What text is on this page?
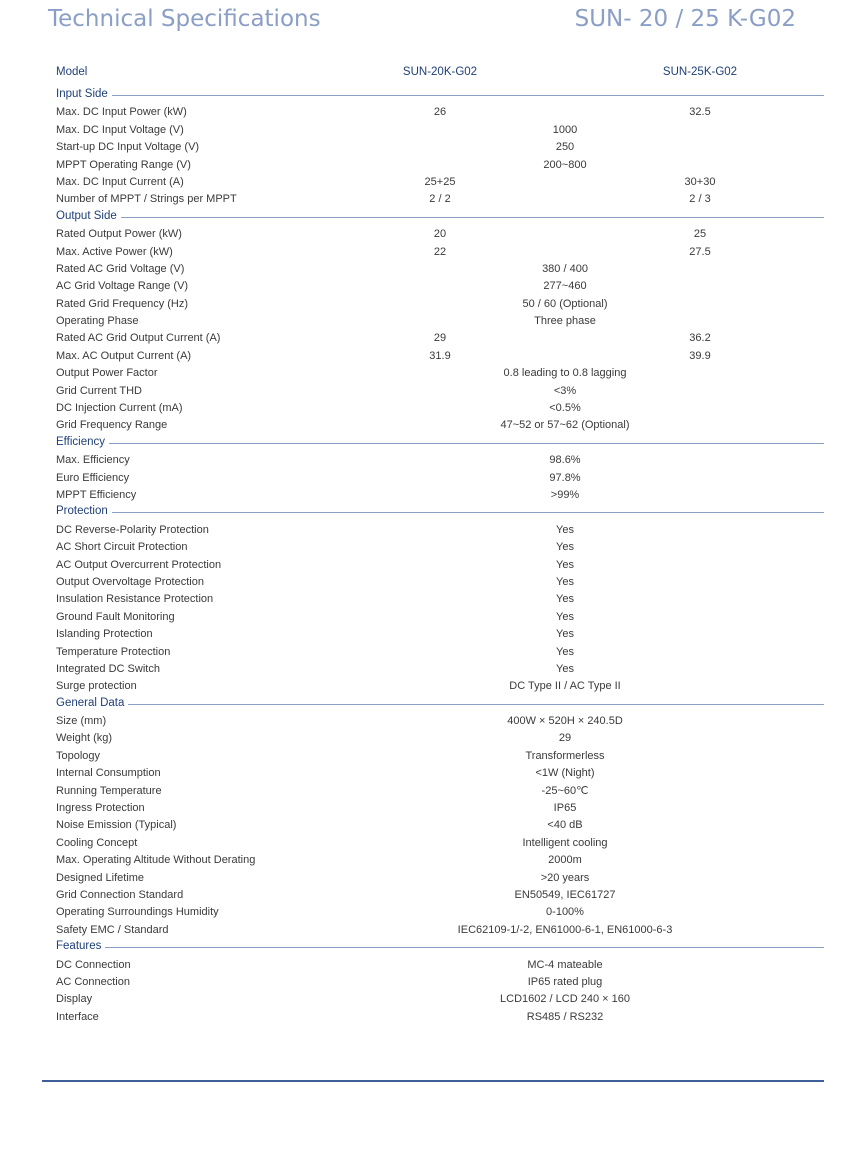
Technical Specifications	SUN- 20 / 25 K-G02
Model	SUN-20K-G02	SUN-25K-G02
Input Side
Max. DC Input Power (kW)	26	32.5
Max. DC Input Voltage (V)	1000
Start-up DC Input Voltage (V)	250
MPPT Operating Range (V)	200~800
Max. DC Input Current (A)	25+25	30+30
Number of MPPT / Strings per MPPT	2 / 2	2 / 3
Output Side
Rated Output Power (kW)	20	25
Max. Active Power (kW)	22	27.5
Rated AC Grid Voltage (V)	380 / 400
AC Grid Voltage Range (V)	277~460
Rated Grid Frequency (Hz)	50 / 60 (Optional)
Operating Phase	Three phase
Rated AC Grid Output Current (A)	29	36.2
Max. AC Output Current (A)	31.9	39.9
Output Power Factor	0.8 leading to 0.8 lagging
Grid Current THD	<3%
DC Injection Current (mA)	<0.5%
Grid Frequency Range	47~52 or 57~62 (Optional)
Efficiency
Max. Efficiency	98.6%
Euro Efficiency	97.8%
MPPT Efficiency	>99%
Protection
DC Reverse-Polarity Protection	Yes
AC Short Circuit Protection	Yes
AC Output Overcurrent Protection	Yes
Output Overvoltage Protection	Yes
Insulation Resistance Protection	Yes
Ground Fault Monitoring	Yes
Islanding Protection	Yes
Temperature Protection	Yes
Integrated DC Switch	Yes
Surge protection	DC Type II / AC Type II
General Data
Size (mm)	400W × 520H × 240.5D
Weight (kg)	29
Topology	Transformerless
Internal Consumption	<1W (Night)
Running Temperature	-25~60℃
Ingress Protection	IP65
Noise Emission (Typical)	<40 dB
Cooling Concept	Intelligent cooling
Max. Operating Altitude Without Derating	2000m
Designed Lifetime	>20 years
Grid Connection Standard	EN50549, IEC61727
Operating Surroundings Humidity	0-100%
Safety EMC / Standard	IEC62109-1/-2, EN61000-6-1, EN61000-6-3
Features
DC Connection	MC-4 mateable
AC Connection	IP65 rated plug
Display	LCD1602 / LCD 240 × 160
Interface	RS485 / RS232
